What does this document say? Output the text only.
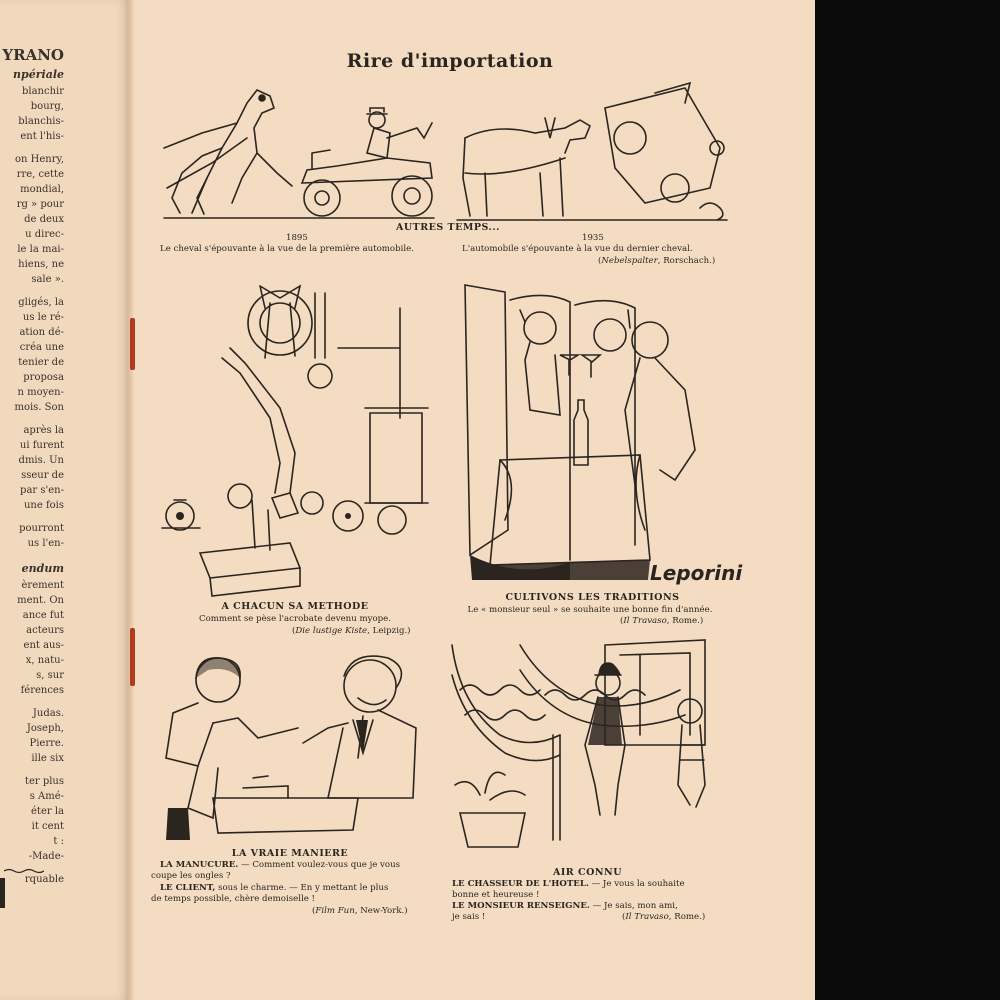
YRANO
npériale
blanchir
bourg,
blanchis-
ent l'his-
on Henry,
rre, cette
mondial,
rg » pour
de deux
u direc-
le la mai-
hiens, ne
sale ».
gligés, la
us le ré-
ation dé-
créa une
tenier de
proposa
n moyen-
mois. Son
après la
ui furent
dmis. Un
sseur de
par s'en-
une fois
pourront
us l'en-
endum
èrement
ment. On
ance fut
acteurs
ent aus-
x, natu-
s, sur
férences
Judas.
Joseph,
Pierre.
ille six
ter plus
s Amé-
éter la
it cent
t :
-Made-
rquable
Rire d'importation
1895	1935
AUTRES TEMPS...
Le cheval s'épouvante à la vue de la première automobile.	L'automobile s'épouvante à la vue du dernier cheval.
(Nebelspalter, Rorschach.)
A CHACUN SA METHODE
Comment se pèse l'acrobate devenu myope.
(Die lustige Kiste, Leipzig.)
Leporini
CULTIVONS LES TRADITIONS
Le « monsieur seul » se souhaite une bonne fin d'année.
(Il Travaso, Rome.)
LA VRAIE MANIERE
LA MANUCURE. — Comment voulez-vous que je vous
coupe les ongles ?
LE CLIENT, sous le charme. — En y mettant le plus
de temps possible, chère demoiselle !
(Film Fun, New-York.)
AIR CONNU
LE CHASSEUR DE L'HOTEL. — Je vous la souhaite
bonne et heureuse !
LE MONSIEUR RENSEIGNE. — Je sais, mon ami,
je sais !	(Il Travaso, Rome.)
